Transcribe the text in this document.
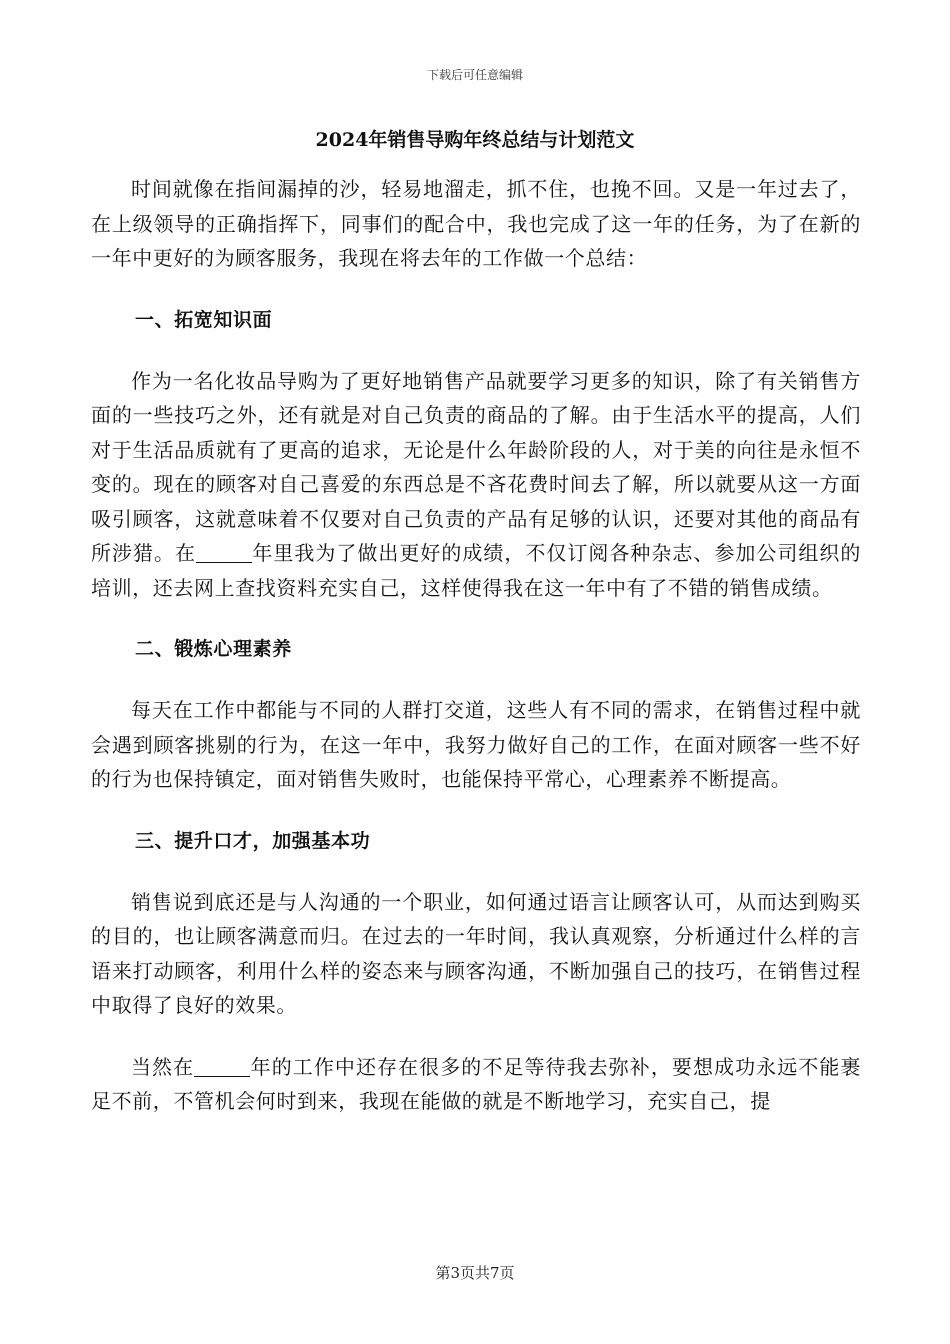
下载后可任意编辑
2024年销售导购年终总结与计划范文

时间就像在指间漏掉的沙，轻易地溜走，抓不住，也挽不回。又是一年过去了，在上级领导的正确指挥下，同事们的配合中，我也完成了这一年的任务，为了在新的一年中更好的为顾客服务，我现在将去年的工作做一个总结：

一、拓宽知识面

作为一名化妆品导购为了更好地销售产品就要学习更多的知识，除了有关销售方面的一些技巧之外，还有就是对自己负责的商品的了解。由于生活水平的提高，人们对于生活品质就有了更高的追求，无论是什么年龄阶段的人，对于美的向往是永恒不变的。现在的顾客对自己喜爱的东西总是不吝花费时间去了解，所以就要从这一方面吸引顾客，这就意味着不仅要对自己负责的产品有足够的认识，还要对其他的商品有所涉猎。在	年里我为了做出更好的成绩，不仅订阅各种杂志、参加公司组织的培训，还去网上查找资料充实自己，这样使得我在这一年中有了不错的销售成绩。

二、锻炼心理素养

每天在工作中都能与不同的人群打交道，这些人有不同的需求，在销售过程中就会遇到顾客挑剔的行为，在这一年中，我努力做好自己的工作，在面对顾客一些不好的行为也保持镇定，面对销售失败时，也能保持平常心，心理素养不断提高。

三、提升口才，加强基本功

销售说到底还是与人沟通的一个职业，如何通过语言让顾客认可，从而达到购买的目的，也让顾客满意而归。在过去的一年时间，我认真观察，分析通过什么样的言语来打动顾客，利用什么样的姿态来与顾客沟通，不断加强自己的技巧，在销售过程中取得了良好的效果。

当然在	年的工作中还存在很多的不足等待我去弥补，要想成功永远不能裹足不前，不管机会何时到来，我现在能做的就是不断地学习，充实自己，提

第3页共7页
